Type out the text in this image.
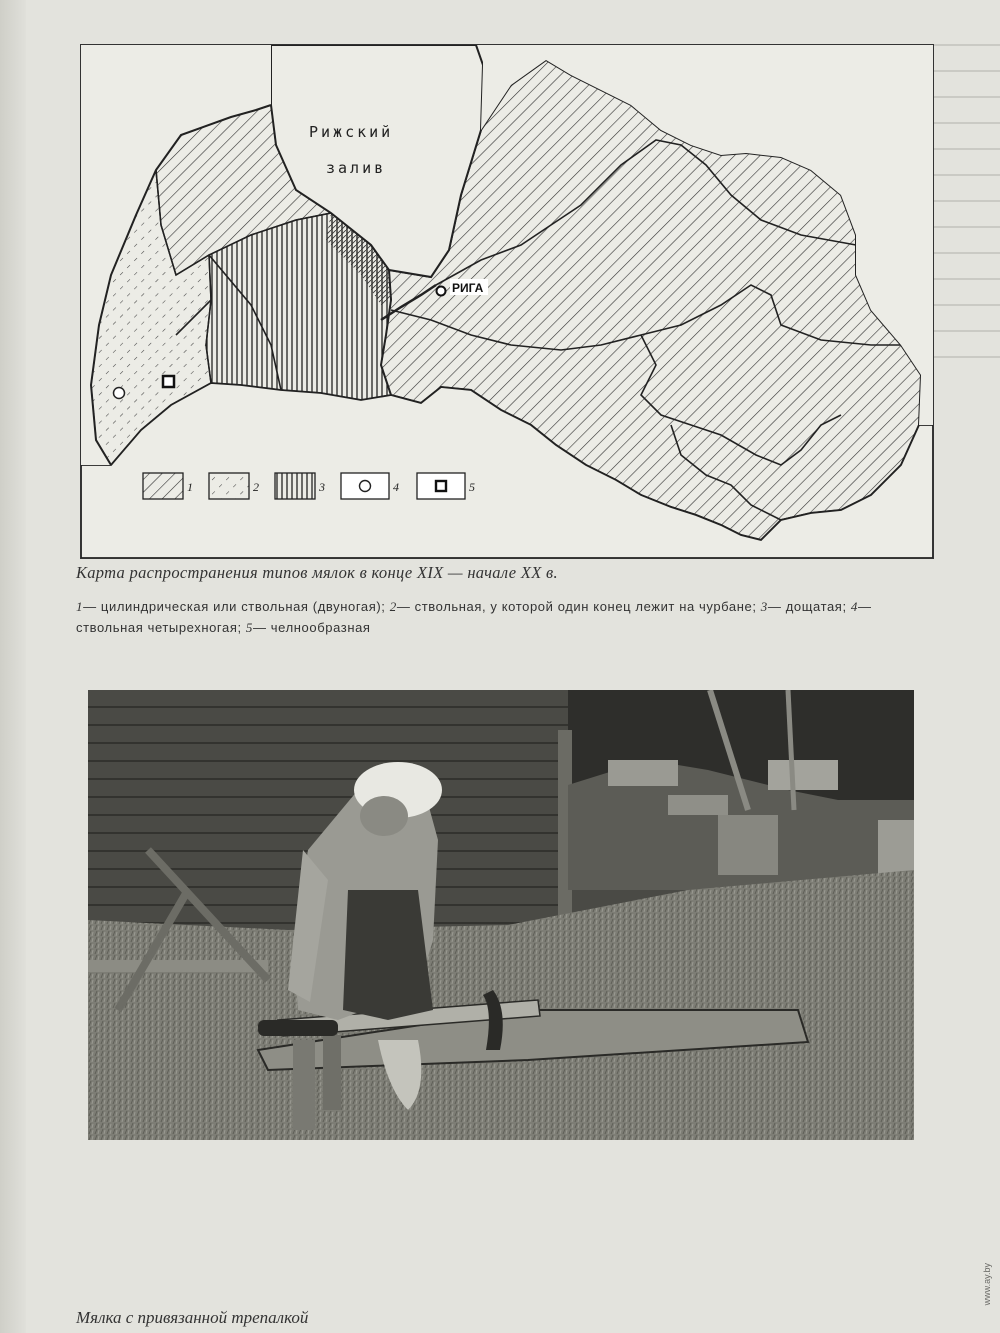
Рижский
залив
РИГА
1	2	3	4	5
Карта распространения типов мялок в конце XIX — начале XX в.
1— цилиндрическая или ствольная (двуногая); 2— ствольная, у которой один конец лежит на чурбане; 3— дощатая; 4— ствольная четырехногая; 5— челнообразная
Мялка с привязанной трепалкой
www.ay.by
